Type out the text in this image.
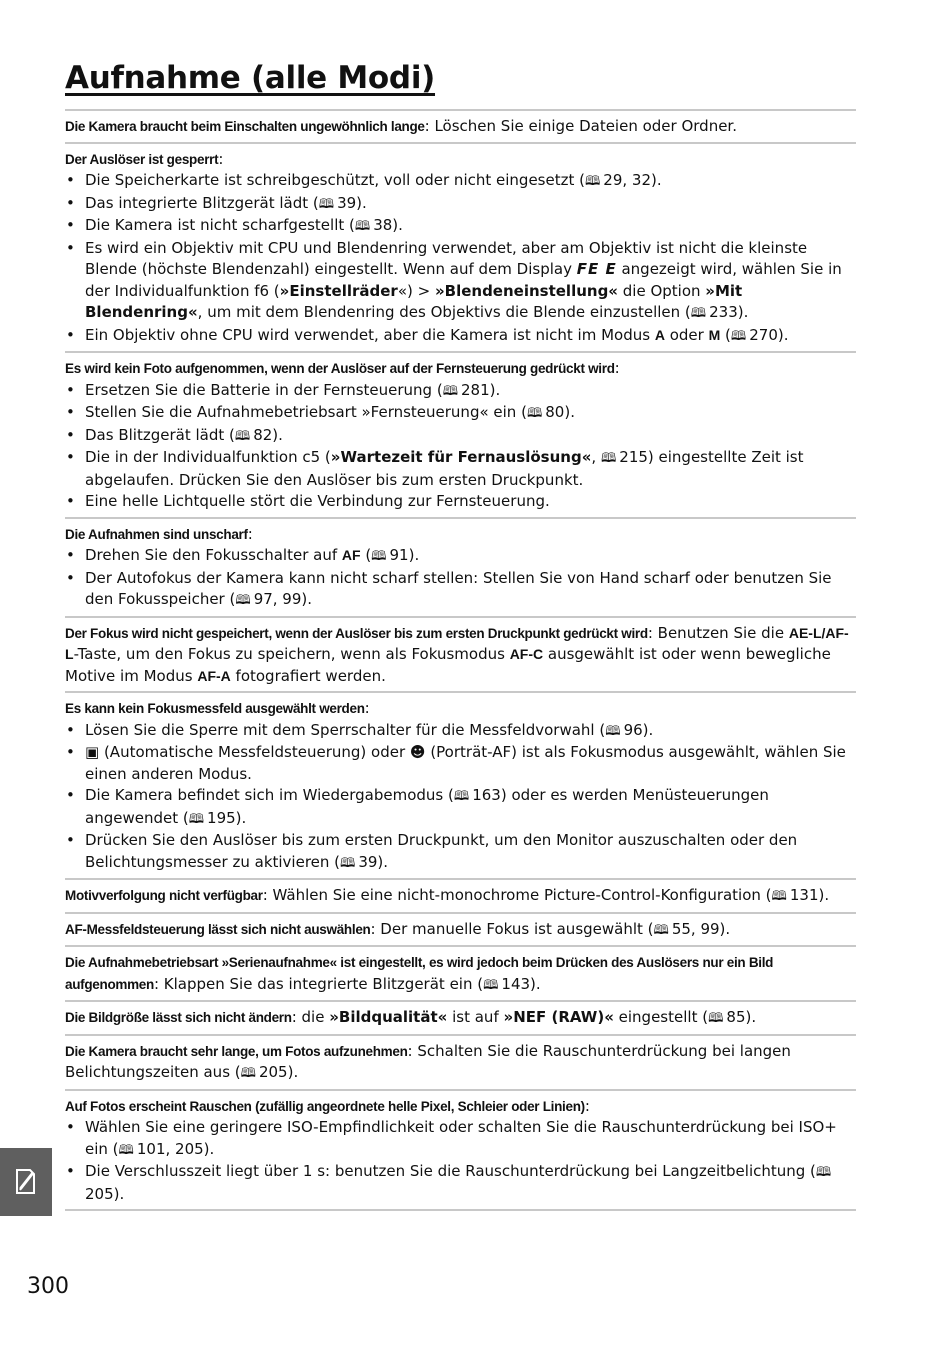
Aufnahme (alle Modi)
Die Kamera braucht beim Einschalten ungewöhnlich lange: Löschen Sie einige Dateien oder Ordner.
Der Auslöser ist gesperrt:
• Die Speicherkarte ist schreibgeschützt, voll oder nicht eingesetzt (🕮  29, 32).
• Das integrierte Blitzgerät lädt (🕮  39).
• Die Kamera ist nicht scharfgestellt (🕮  38).
• Es wird ein Objektiv mit CPU und Blendenring verwendet, aber am Objektiv ist nicht die kleinste Blende (höchste Blendenzahl) eingestellt. Wenn auf dem Display FE E angezeigt wird, wählen Sie in der Individualfunktion f6 (»Einstellräder«) > »Blendeneinstellung« die Option »Mit Blendenring«, um mit dem Blendenring des Objektivs die Blende einzustellen (🕮  233).
• Ein Objektiv ohne CPU wird verwendet, aber die Kamera ist nicht im Modus A oder M (🕮  270).
Es wird kein Foto aufgenommen, wenn der Auslöser auf der Fernsteuerung gedrückt wird:
• Ersetzen Sie die Batterie in der Fernsteuerung (🕮  281).
• Stellen Sie die Aufnahmebetriebsart »Fernsteuerung« ein (🕮  80).
• Das Blitzgerät lädt (🕮  82).
• Die in der Individualfunktion c5 (»Wartezeit für Fernauslösung«, 🕮  215) eingestellte Zeit ist abgelaufen. Drücken Sie den Auslöser bis zum ersten Druckpunkt.
• Eine helle Lichtquelle stört die Verbindung zur Fernsteuerung.
Die Aufnahmen sind unscharf:
• Drehen Sie den Fokusschalter auf AF (🕮  91).
• Der Autofokus der Kamera kann nicht scharf stellen: Stellen Sie von Hand scharf oder benutzen Sie den Fokusspeicher (🕮  97, 99).
Der Fokus wird nicht gespeichert, wenn der Auslöser bis zum ersten Druckpunkt gedrückt wird: Benutzen Sie die AE-L/AF-L-Taste, um den Fokus zu speichern, wenn als Fokusmodus AF-C ausgewählt ist oder wenn bewegliche Motive im Modus AF-A fotografiert werden.
Es kann kein Fokusmessfeld ausgewählt werden:
• Lösen Sie die Sperre mit dem Sperrschalter für die Messfeldvorwahl (🕮  96).
• ▣ (Automatische Messfeldsteuerung) oder ☻ (Porträt-AF) ist als Fokusmodus ausgewählt, wählen Sie einen anderen Modus.
• Die Kamera befindet sich im Wiedergabemodus (🕮  163) oder es werden Menüsteuerungen angewendet (🕮  195).
• Drücken Sie den Auslöser bis zum ersten Druckpunkt, um den Monitor auszuschalten oder den Belichtungsmesser zu aktivieren (🕮  39).
Motivverfolgung nicht verfügbar: Wählen Sie eine nicht-monochrome Picture-Control-Konfiguration (🕮  131).
AF-Messfeldsteuerung lässt sich nicht auswählen: Der manuelle Fokus ist ausgewählt (🕮  55, 99).
Die Aufnahmebetriebsart »Serienaufnahme« ist eingestellt, es wird jedoch beim Drücken des Auslösers nur ein Bild
aufgenommen: Klappen Sie das integrierte Blitzgerät ein (🕮  143).
Die Bildgröße lässt sich nicht ändern: die »Bildqualität« ist auf »NEF (RAW)« eingestellt (🕮  85).
Die Kamera braucht sehr lange, um Fotos aufzunehmen: Schalten Sie die Rauschunterdrückung bei langen Belichtungszeiten aus (🕮  205).
Auf Fotos erscheint Rauschen (zufällig angeordnete helle Pixel, Schleier oder Linien):
• Wählen Sie eine geringere ISO-Empfindlichkeit oder schalten Sie die Rauschunterdrückung bei ISO+ ein (🕮  101, 205).
• Die Verschlusszeit liegt über 1 s: benutzen Sie die Rauschunterdrückung bei Langzeitbelichtung (🕮 205).
300
